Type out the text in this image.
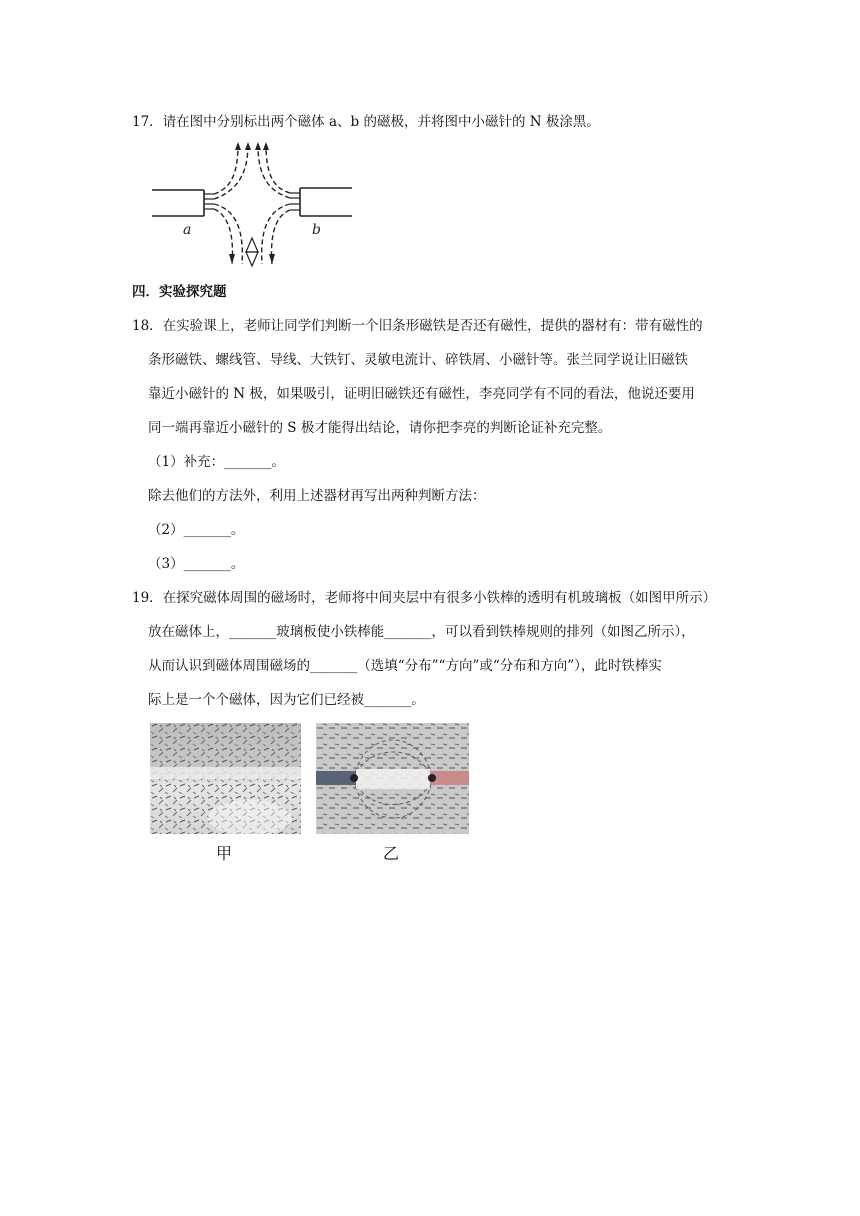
17．请在图中分别标出两个磁体 a、b 的磁极，并将图中小磁针的 N 极涂黑。
a	b
四．实验探究题
18．在实验课上，老师让同学们判断一个旧条形磁铁是否还有磁性，提供的器材有：带有磁性的
条形磁铁、螺线管、导线、大铁钉、灵敏电流计、碎铁屑、小磁针等。张兰同学说让旧磁铁
靠近小磁针的 N 极，如果吸引，证明旧磁铁还有磁性，李亮同学有不同的看法，他说还要用
同一端再靠近小磁针的 S 极才能得出结论，请你把李亮的判断论证补充完整。
（1）补充：_______。
除去他们的方法外，利用上述器材再写出两种判断方法：
（2）_______。
（3）_______。
19．在探究磁体周围的磁场时，老师将中间夹层中有很多小铁棒的透明有机玻璃板（如图甲所示）
放在磁体上，_______玻璃板使小铁棒能_______，可以看到铁棒规则的排列（如图乙所示），
从而认识到磁体周围磁场的_______（选填“分布”“方向”或“分布和方向”），此时铁棒实
际上是一个个磁体，因为它们已经被_______。
甲	乙
